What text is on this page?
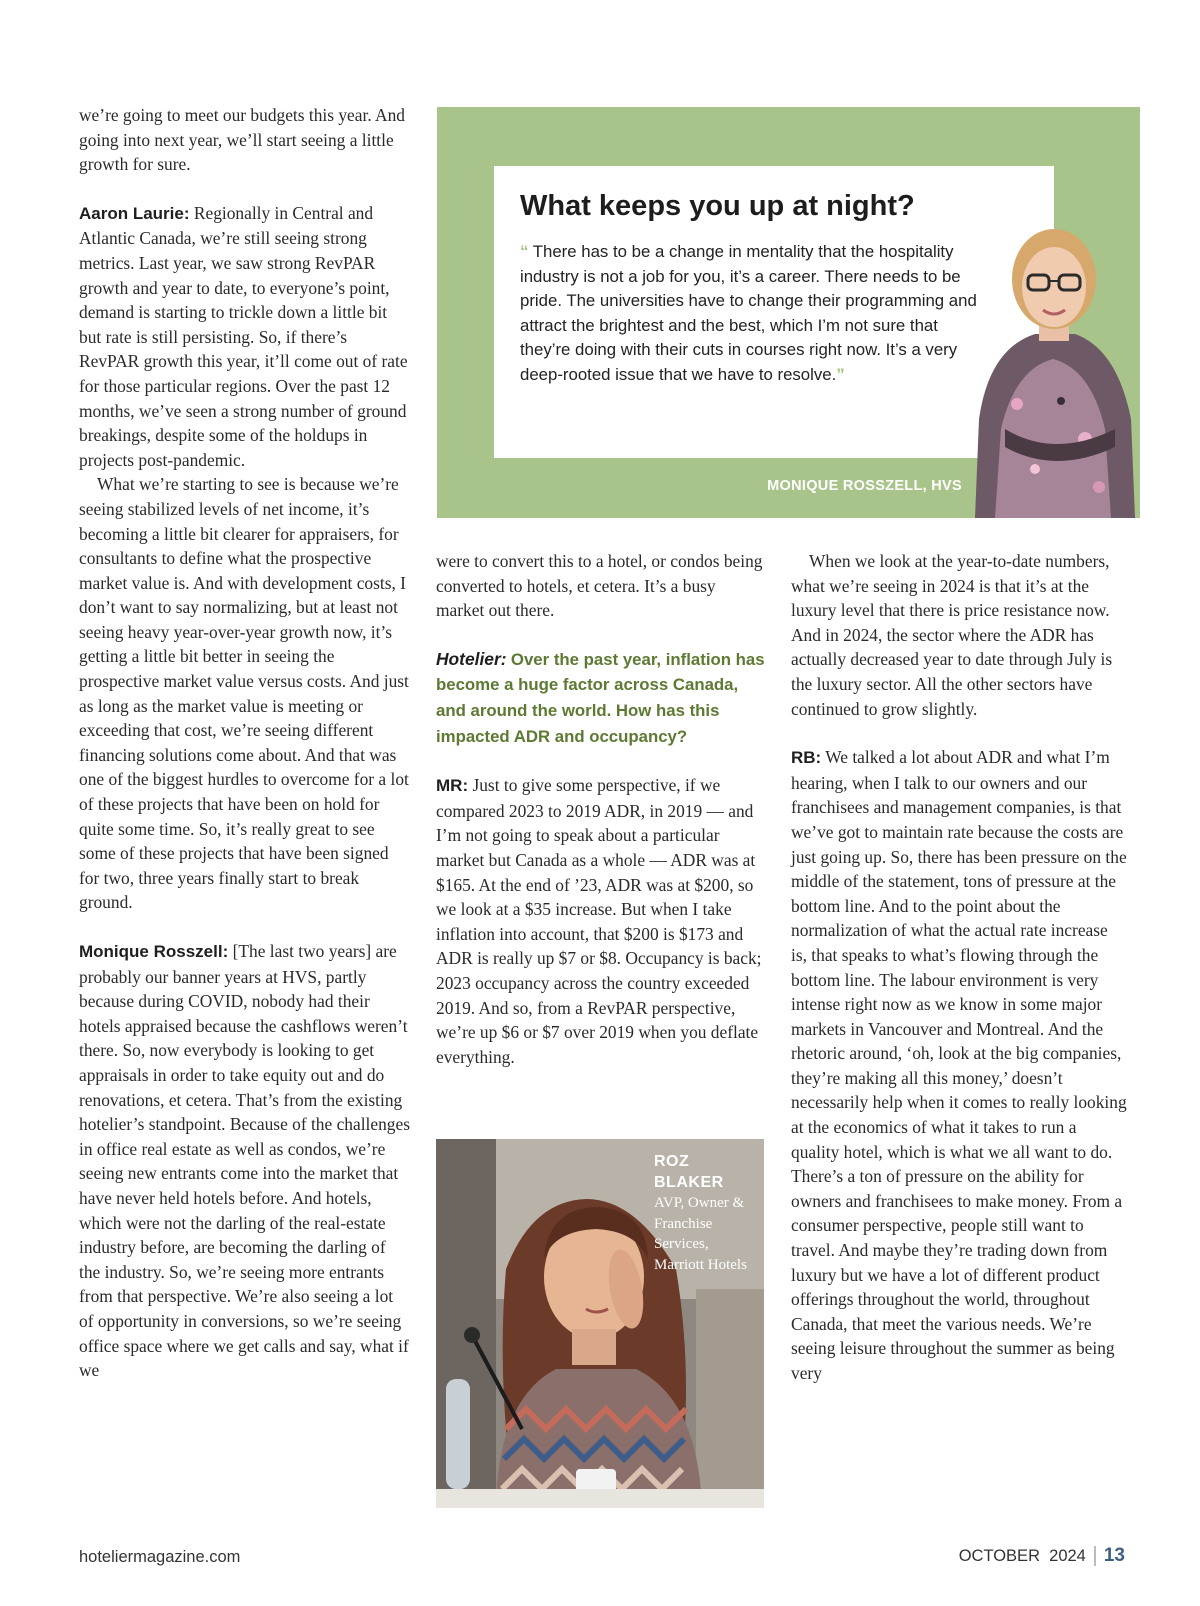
we’re going to meet our budgets this year. And going into next year, we’ll start seeing a little growth for sure.

Aaron Laurie: Regionally in Central and Atlantic Canada, we’re still seeing strong metrics. Last year, we saw strong RevPAR growth and year to date, to everyone’s point, demand is starting to trickle down a little bit but rate is still persisting. So, if there’s RevPAR growth this year, it’ll come out of rate for those particular regions. Over the past 12 months, we’ve seen a strong number of ground breakings, despite some of the holdups in projects post-pandemic.

What we’re starting to see is because we’re seeing stabilized levels of net income, it’s becoming a little bit clearer for appraisers, for consultants to define what the prospective market value is. And with development costs, I don’t want to say normalizing, but at least not seeing heavy year-over-year growth now, it’s getting a little bit better in seeing the prospective market value versus costs. And just as long as the market value is meeting or exceeding that cost, we’re seeing different financing solutions come about. And that was one of the biggest hurdles to overcome for a lot of these projects that have been on hold for quite some time. So, it’s really great to see some of these projects that have been signed for two, three years finally start to break ground.

Monique Rosszell: [The last two years] are probably our banner years at HVS, partly because during COVID, nobody had their hotels appraised because the cashflows weren’t there. So, now everybody is looking to get appraisals in order to take equity out and do renovations, et cetera. That’s from the existing hotelier’s standpoint. Because of the challenges in office real estate as well as condos, we’re seeing new entrants come into the market that have never held hotels before. And hotels, which were not the darling of the real-estate industry before, are becoming the darling of the industry. So, we’re seeing more entrants from that perspective. We’re also seeing a lot of opportunity in conversions, so we’re seeing office space where we get calls and say, what if we

What keeps you up at night?

“ There has to be a change in mentality that the hospitality industry is not a job for you, it’s a career. There needs to be pride. The universities have to change their programming and attract the brightest and the best, which I’m not sure that they’re doing with their cuts in courses right now. It’s a very deep-rooted issue that we have to resolve.”

MONIQUE ROSSZELL, HVS

were to convert this to a hotel, or condos being converted to hotels, et cetera. It’s a busy market out there.

Hotelier: Over the past year, inflation has become a huge factor across Canada, and around the world. How has this impacted ADR and occupancy?

MR: Just to give some perspective, if we compared 2023 to 2019 ADR, in 2019 — and I’m not going to speak about a particular market but Canada as a whole — ADR was at $165. At the end of ’23, ADR was at $200, so we look at a $35 increase. But when I take inflation into account, that $200 is $173 and ADR is really up $7 or $8. Occupancy is back; 2023 occupancy across the country exceeded 2019. And so, from a RevPAR perspective, we’re up $6 or $7 over 2019 when you deflate everything.

ROZ
BLAKER
AVP, Owner & Franchise Services, Marriott Hotels

When we look at the year-to-date numbers, what we’re seeing in 2024 is that it’s at the luxury level that there is price resistance now. And in 2024, the sector where the ADR has actually decreased year to date through July is the luxury sector. All the other sectors have continued to grow slightly.

RB: We talked a lot about ADR and what I’m hearing, when I talk to our owners and our franchisees and management companies, is that we’ve got to maintain rate because the costs are just going up. So, there has been pressure on the middle of the statement, tons of pressure at the bottom line. And to the point about the normalization of what the actual rate increase is, that speaks to what’s flowing through the bottom line. The labour environment is very intense right now as we know in some major markets in Vancouver and Montreal. And the rhetoric around, ‘oh, look at the big companies, they’re making all this money,’ doesn’t necessarily help when it comes to really looking at the economics of what it takes to run a quality hotel, which is what we all want to do. There’s a ton of pressure on the ability for owners and franchisees to make money. From a consumer perspective, people still want to travel. And maybe they’re trading down from luxury but we have a lot of different product offerings throughout the world, throughout Canada, that meet the various needs. We’re seeing leisure throughout the summer as being very

hoteliermagazine.com	OCTOBER  2024 13
